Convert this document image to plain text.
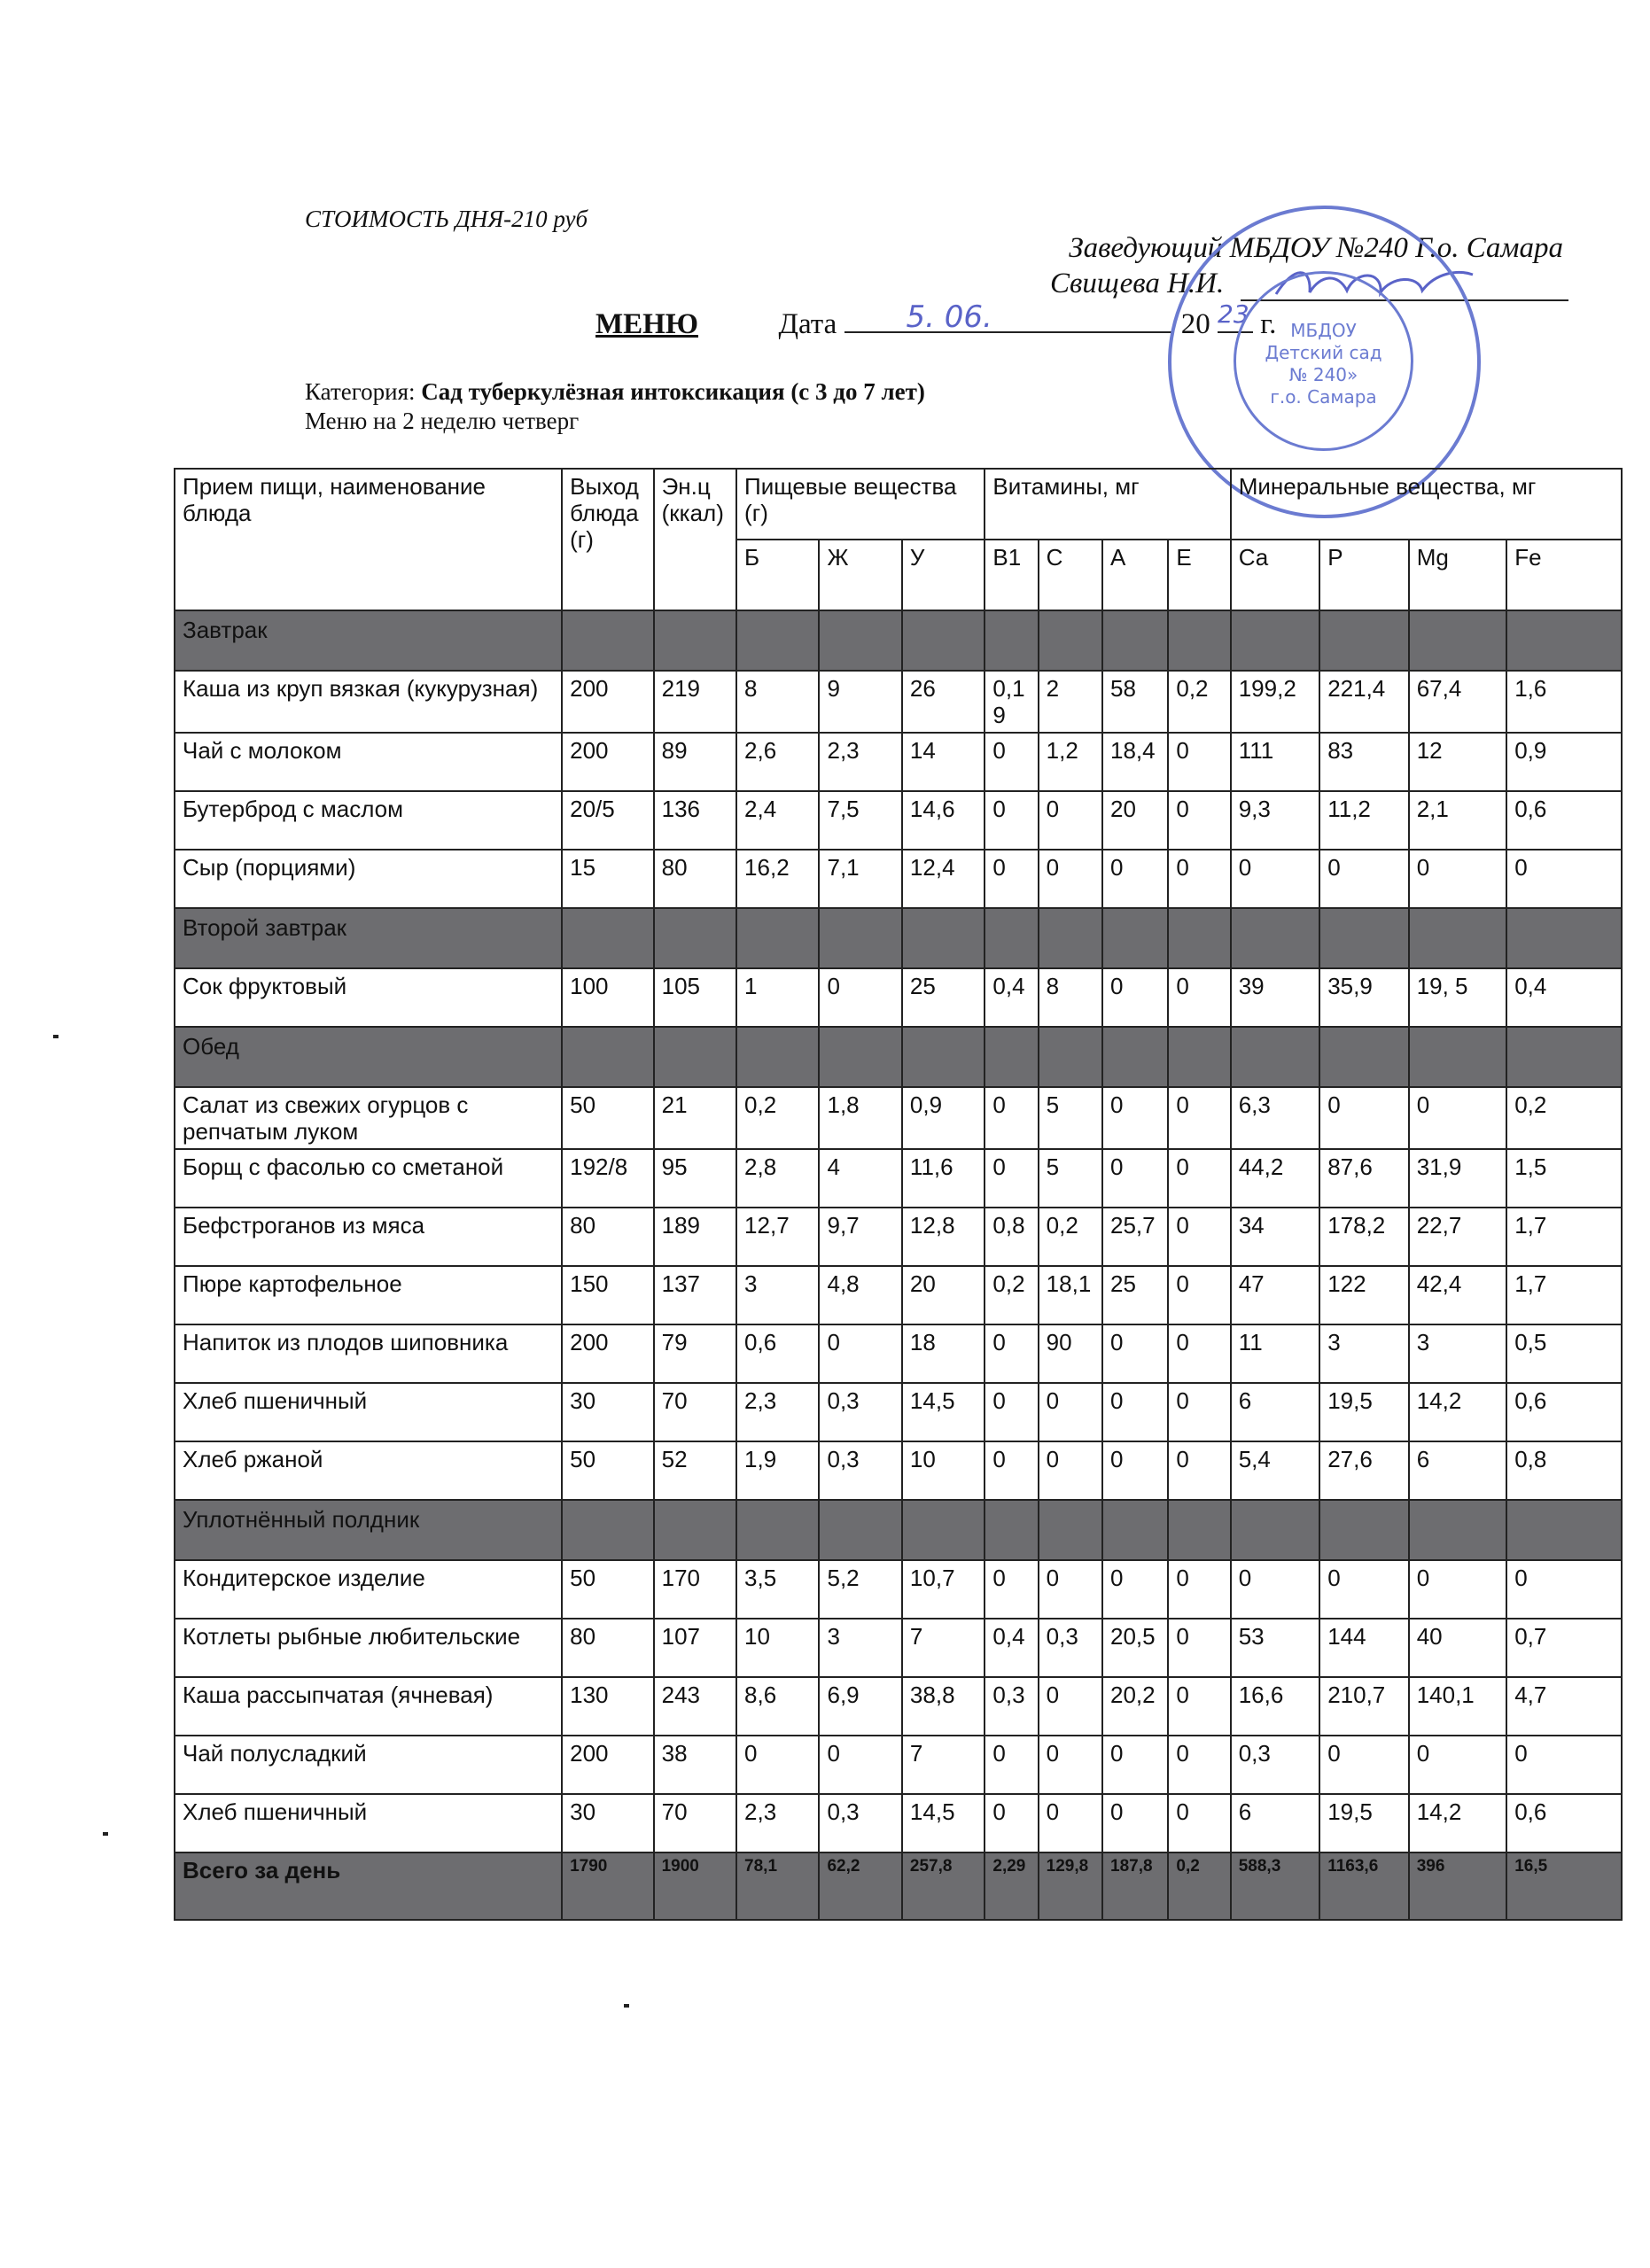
СТОИМОСТЬ ДНЯ-210 руб
Заведующий МБДОУ №240 Г.о. Самара
Свищева Н.И.
МЕНЮ	Дата 5. 06.	20 23 г.
Категория: Сад туберкулёзная интоксикация (с 3 до 7 лет)
Меню на 2 неделю четверг
МБДОУ
Детский сад
№ 240»
г.о. Самара
Прием пищи, наименование блюда	Выход блюда (г)	Эн.ц (ккал)	Пищевые вещества (г)			Витамины, мг				Минеральные вещества, мг			
			Б	Ж	У	В1	С	А	Е	Са	Р	Mg	Fe
Завтрак													
Каша из круп вязкая (кукурузная)	200	219	8	9	26	0,19	2	58	0,2	199,2	221,4	67,4	1,6
Чай с молоком	200	89	2,6	2,3	14	0	1,2	18,4	0	111	83	12	0,9
Бутерброд с маслом	20/5	136	2,4	7,5	14,6	0	0	20	0	9,3	11,2	2,1	0,6
Сыр (порциями)	15	80	16,2	7,1	12,4	0	0	0	0	0	0	0	0
Второй завтрак													
Сок фруктовый	100	105	1	0	25	0,4	8	0	0	39	35,9	19, 5	0,4
Обед													
Салат из свежих огурцов с репчатым луком	50	21	0,2	1,8	0,9	0	5	0	0	6,3	0	0	0,2
Борщ с фасолью со сметаной	192/8	95	2,8	4	11,6	0	5	0	0	44,2	87,6	31,9	1,5
Бефстроганов из мяса	80	189	12,7	9,7	12,8	0,8	0,2	25,7	0	34	178,2	22,7	1,7
Пюре картофельное	150	137	3	4,8	20	0,2	18,1	25	0	47	122	42,4	1,7
Напиток из плодов шиповника	200	79	0,6	0	18	0	90	0	0	11	3	3	0,5
Хлеб пшеничный	30	70	2,3	0,3	14,5	0	0	0	0	6	19,5	14,2	0,6
Хлеб ржаной	50	52	1,9	0,3	10	0	0	0	0	5,4	27,6	6	0,8
Уплотнённый полдник													
Кондитерское изделие	50	170	3,5	5,2	10,7	0	0	0	0	0	0	0	0
Котлеты рыбные любительские	80	107	10	3	7	0,4	0,3	20,5	0	53	144	40	0,7
Каша рассыпчатая (ячневая)	130	243	8,6	6,9	38,8	0,3	0	20,2	0	16,6	210,7	140,1	4,7
Чай полусладкий	200	38	0	0	7	0	0	0	0	0,3	0	0	0
Хлеб пшеничный	30	70	2,3	0,3	14,5	0	0	0	0	6	19,5	14,2	0,6
Всего за день	1790	1900	78,1	62,2	257,8	2,29	129,8	187,8	0,2	588,3	1163,6	396	16,5
